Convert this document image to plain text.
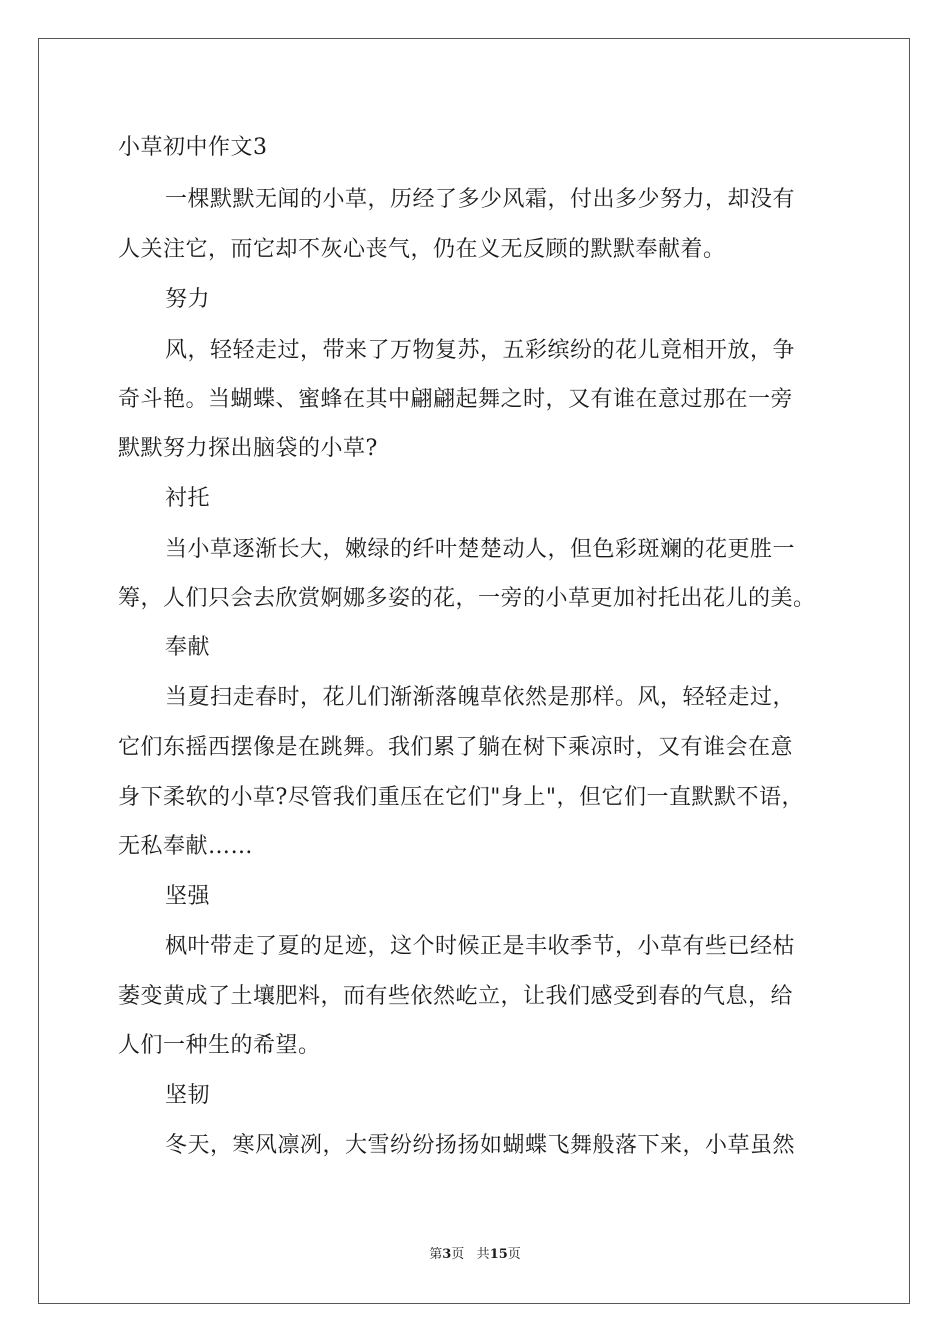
小草初中作文3
一棵默默无闻的小草，历经了多少风霜，付出多少努力，却没有
人关注它，而它却不灰心丧气，仍在义无反顾的默默奉献着。
努力
风，轻轻走过，带来了万物复苏，五彩缤纷的花儿竟相开放，争
奇斗艳。当蝴蝶、蜜蜂在其中翩翩起舞之时，又有谁在意过那在一旁
默默努力探出脑袋的小草?
衬托
当小草逐渐长大，嫩绿的纤叶楚楚动人，但色彩斑斓的花更胜一
筹，人们只会去欣赏婀娜多姿的花，一旁的小草更加衬托出花儿的美。
奉献
当夏扫走春时，花儿们渐渐落魄草依然是那样。风，轻轻走过，
它们东摇西摆像是在跳舞。我们累了躺在树下乘凉时，又有谁会在意
身下柔软的小草?尽管我们重压在它们"身上"，但它们一直默默不语，
无私奉献……
坚强
枫叶带走了夏的足迹，这个时候正是丰收季节，小草有些已经枯
萎变黄成了土壤肥料，而有些依然屹立，让我们感受到春的气息，给
人们一种生的希望。
坚韧
冬天，寒风凛冽，大雪纷纷扬扬如蝴蝶飞舞般落下来，小草虽然
第3页 共15页
